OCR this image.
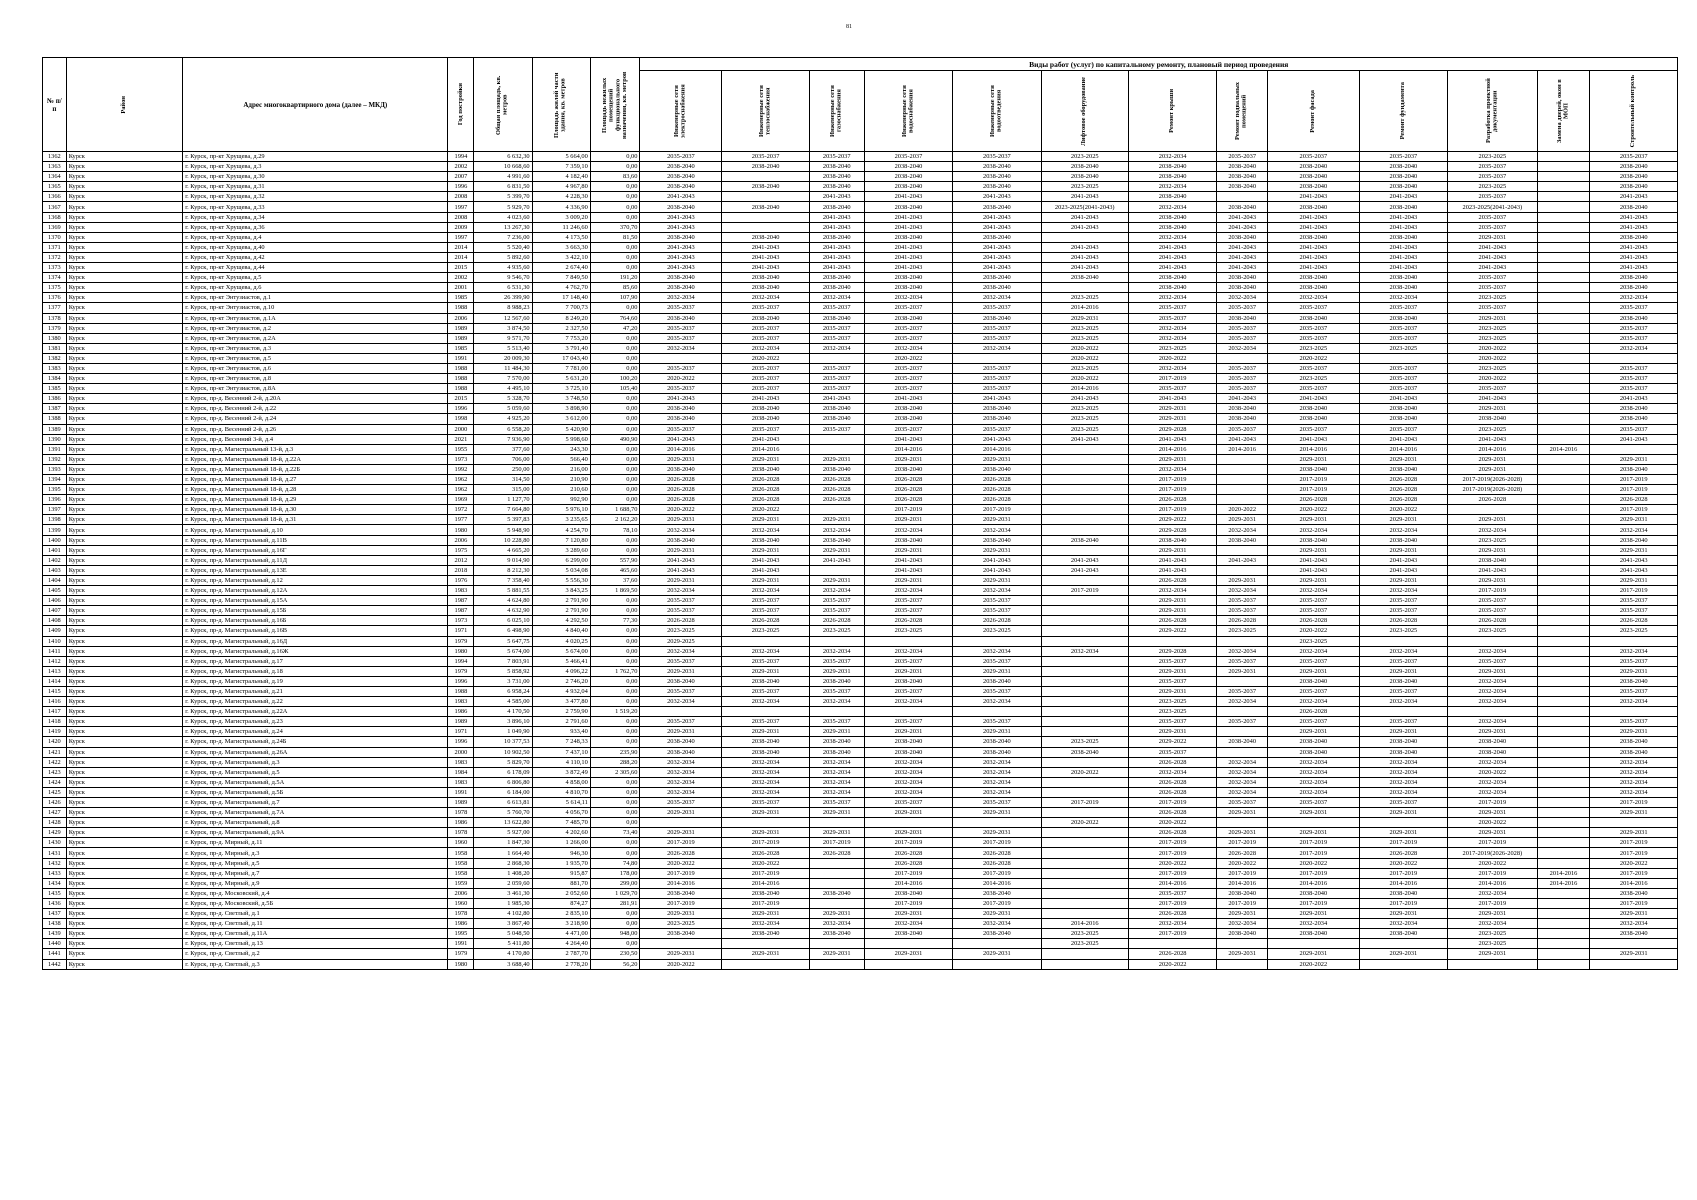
81
№ п/п	Район	Адрес многоквартирного дома (далее – МКД)	Год постройки	Общая площадь, кв. метров	Площадь жилой части здания, кв. метров	Площадь нежилых помещений функционального назначения, кв. метров	Виды работ (услуг) по капитальному ремонту, плановый период проведения												

							Инженерные сети электроснабжения	Инженерные сети теплоснабжения	Инженерные сети газоснабжения	Инженерные сети водоснабжения	Инженерные сети водоотведения	Лифтовое оборудование	Ремонт крыши	Ремонт подвальных помещений	Ремонт фасада	Ремонт фундамента	Разработка проектной документации	Замена дверей, окон в МОП	Строительный контроль

1362	Курск	г. Курск, пр-кт Хрущева, д.29	1994	6 632,30	5 664,00	0,00	2035-2037	2035-2037	2035-2037	2035-2037	2035-2037	2023-2025	2032-2034	2035-2037	2035-2037	2035-2037	2023-2025		2035-2037
1363	Курск	г. Курск, пр-кт Хрущева, д.3	2002	10 668,60	7 359,10	0,00	2038-2040	2038-2040	2038-2040	2038-2040	2038-2040	2038-2040	2038-2040	2038-2040	2038-2040	2038-2040	2035-2037		2038-2040
1364	Курск	г. Курск, пр-кт Хрущева, д.30	2007	4 991,60	4 182,40	83,60	2038-2040		2038-2040	2038-2040	2038-2040	2038-2040	2038-2040	2038-2040	2038-2040	2038-2040	2035-2037		2038-2040
1365	Курск	г. Курск, пр-кт Хрущева, д.31	1996	6 831,50	4 967,80	0,00	2038-2040	2038-2040	2038-2040	2038-2040	2038-2040	2023-2025	2032-2034	2038-2040	2038-2040	2038-2040	2023-2025		2038-2040
1366	Курск	г. Курск, пр-кт Хрущева, д.32	2008	5 399,70	4 228,30	0,00	2041-2043		2041-2043	2041-2043	2041-2043	2041-2043	2038-2040		2041-2043	2041-2043	2035-2037		2041-2043
1367	Курск	г. Курск, пр-кт Хрущева, д.33	1997	5 929,70	4 336,90	0,00	2038-2040	2038-2040	2038-2040	2038-2040	2038-2040	2023-2025(2041-2043)	2032-2034	2038-2040	2038-2040	2038-2040	2023-2025(2041-2043)		2038-2040
1368	Курск	г. Курск, пр-кт Хрущева, д.34	2008	4 023,60	3 009,20	0,00	2041-2043		2041-2043	2041-2043	2041-2043	2041-2043	2038-2040	2041-2043	2041-2043	2041-2043	2035-2037		2041-2043
1369	Курск	г. Курск, пр-кт Хрущева, д.36	2009	13 267,30	11 246,60	370,70	2041-2043		2041-2043	2041-2043	2041-2043	2041-2043	2038-2040	2041-2043	2041-2043	2041-2043	2035-2037		2041-2043
1370	Курск	г. Курск, пр-кт Хрущева, д.4	1997	7 236,00	4 173,50	81,50	2038-2040	2038-2040	2038-2040	2038-2040	2038-2040		2032-2034	2038-2040	2038-2040	2038-2040	2029-2031		2038-2040
1371	Курск	г. Курск, пр-кт Хрущева, д.40	2014	5 520,40	3 663,30	0,00	2041-2043	2041-2043	2041-2043	2041-2043	2041-2043	2041-2043	2041-2043	2041-2043	2041-2043	2041-2043	2041-2043		2041-2043
1372	Курск	г. Курск, пр-кт Хрущева, д.42	2014	5 892,60	3 422,10	0,00	2041-2043	2041-2043	2041-2043	2041-2043	2041-2043	2041-2043	2041-2043	2041-2043	2041-2043	2041-2043	2041-2043		2041-2043
1373	Курск	г. Курск, пр-кт Хрущева, д.44	2015	4 935,60	2 674,40	0,00	2041-2043	2041-2043	2041-2043	2041-2043	2041-2043	2041-2043	2041-2043	2041-2043	2041-2043	2041-2043	2041-2043		2041-2043
1374	Курск	г. Курск, пр-кт Хрущева, д.5	2002	9 546,70	7 849,50	191,20	2038-2040	2038-2040	2038-2040	2038-2040	2038-2040	2038-2040	2038-2040	2038-2040	2038-2040	2038-2040	2035-2037		2038-2040
1375	Курск	г. Курск, пр-кт Хрущева, д.6	2001	6 531,30	4 762,70	85,60	2038-2040	2038-2040	2038-2040	2038-2040	2038-2040		2038-2040	2038-2040	2038-2040	2038-2040	2035-2037		2038-2040
1376	Курск	г. Курск, пр-кт Энтузиастов, д.1	1985	26 399,90	17 148,40	107,90	2032-2034	2032-2034	2032-2034	2032-2034	2032-2034	2023-2025	2032-2034	2032-2034	2032-2034	2032-2034	2023-2025		2032-2034
1377	Курск	г. Курск, пр-кт Энтузиастов, д.10	1988	8 988,23	7 700,73	0,00	2035-2037	2035-2037	2035-2037	2035-2037	2035-2037	2014-2016	2035-2037	2035-2037	2035-2037	2035-2037	2035-2037		2035-2037
1378	Курск	г. Курск, пр-кт Энтузиастов, д.1А	2006	12 567,60	8 249,20	764,60	2038-2040	2038-2040	2038-2040	2038-2040	2038-2040	2029-2031	2035-2037	2038-2040	2038-2040	2038-2040	2029-2031		2038-2040
1379	Курск	г. Курск, пр-кт Энтузиастов, д.2	1989	3 874,50	2 327,50	47,20	2035-2037	2035-2037	2035-2037	2035-2037	2035-2037	2023-2025	2032-2034	2035-2037	2035-2037	2035-2037	2023-2025		2035-2037
1380	Курск	г. Курск, пр-кт Энтузиастов, д.2А	1989	9 571,70	7 753,20	0,00	2035-2037	2035-2037	2035-2037	2035-2037	2035-2037	2023-2025	2032-2034	2035-2037	2035-2037	2035-2037	2023-2025		2035-2037
1381	Курск	г. Курск, пр-кт Энтузиастов, д.3	1985	5 513,40	3 791,40	0,00	2032-2034	2032-2034	2032-2034	2032-2034	2032-2034	2020-2022	2023-2025	2032-2034	2023-2025	2023-2025	2020-2022		2032-2034
1382	Курск	г. Курск, пр-кт Энтузиастов, д.5	1991	20 009,30	17 043,40	0,00		2020-2022		2020-2022		2020-2022	2020-2022		2020-2022		2020-2022		
1383	Курск	г. Курск, пр-кт Энтузиастов, д.6	1988	11 484,30	7 781,00	0,00	2035-2037	2035-2037	2035-2037	2035-2037	2035-2037	2023-2025	2032-2034	2035-2037	2035-2037	2035-2037	2023-2025		2035-2037
1384	Курск	г. Курск, пр-кт Энтузиастов, д.8	1988	7 570,00	5 631,20	100,20	2020-2022	2035-2037	2035-2037	2035-2037	2035-2037	2020-2022	2017-2019	2035-2037	2023-2025	2035-2037	2020-2022		2035-2037
1385	Курск	г. Курск, пр-кт Энтузиастов, д.8А	1988	4 495,10	3 725,10	105,40	2035-2037	2035-2037	2035-2037	2035-2037	2035-2037	2014-2016	2035-2037	2035-2037	2035-2037	2035-2037	2035-2037		2035-2037
1386	Курск	г. Курск, пр-д. Весенний 2-й, д.20А	2015	5 328,70	3 748,50	0,00	2041-2043	2041-2043	2041-2043	2041-2043	2041-2043	2041-2043	2041-2043	2041-2043	2041-2043	2041-2043	2041-2043		2041-2043
1387	Курск	г. Курск, пр-д. Весенний 2-й, д.22	1996	5 059,60	3 898,90	0,00	2038-2040	2038-2040	2038-2040	2038-2040	2038-2040	2023-2025	2029-2031	2038-2040	2038-2040	2038-2040	2029-2031		2038-2040
1388	Курск	г. Курск, пр-д. Весенний 2-й, д.24	1998	4 925,20	3 612,00	0,00	2038-2040	2038-2040	2038-2040	2038-2040	2038-2040	2023-2025	2029-2031	2038-2040	2038-2040	2038-2040	2038-2040		2038-2040
1389	Курск	г. Курск, пр-д. Весенний 2-й, д.26	2000	6 558,20	5 420,90	0,00	2035-2037	2035-2037	2035-2037	2035-2037	2035-2037	2023-2025	2029-2028	2035-2037	2035-2037	2035-2037	2023-2025		2035-2037
1390	Курск	г. Курск, пр-д. Весенний 3-й, д.4	2021	7 936,90	5 998,60	490,90	2041-2043	2041-2043		2041-2043	2041-2043	2041-2043	2041-2043	2041-2043	2041-2043	2041-2043	2041-2043		2041-2043
1391	Курск	г. Курск, пр-д. Магистральный 13-й, д.3	1955	377,60	243,30	0,00	2014-2016	2014-2016		2014-2016	2014-2016		2014-2016	2014-2016	2014-2016	2014-2016	2014-2016	2014-2016	
1392	Курск	г. Курск, пр-д. Магистральный 18-й, д.22А	1973	706,00	566,40	0,00	2029-2031	2029-2031	2029-2031	2029-2031	2029-2031		2029-2031		2029-2031	2029-2031	2029-2031		2029-2031
1393	Курск	г. Курск, пр-д. Магистральный 18-й, д.22Б	1992	250,00	216,00	0,00	2038-2040	2038-2040	2038-2040	2038-2040	2038-2040		2032-2034		2038-2040	2038-2040	2029-2031		2038-2040
1394	Курск	г. Курск, пр-д. Магистральный 18-й, д.27	1962	314,50	210,90	0,00	2026-2028	2026-2028	2026-2028	2026-2028	2026-2028		2017-2019		2017-2019	2026-2028	2017-2019(2026-2028)		2017-2019
1395	Курск	г. Курск, пр-д. Магистральный 18-й, д.28	1962	315,00	210,60	0,00	2026-2028	2026-2028	2026-2028	2026-2028	2026-2028		2017-2019		2017-2019	2026-2028	2017-2019(2026-2028)		2017-2019
1396	Курск	г. Курск, пр-д. Магистральный 18-й, д.29	1969	1 127,70	992,90	0,00	2026-2028	2026-2028	2026-2028	2026-2028	2026-2028		2026-2028		2026-2028	2026-2028	2026-2028		2026-2028
1397	Курск	г. Курск, пр-д. Магистральный 18-й, д.30	1972	7 664,80	5 976,10	1 688,70	2020-2022	2020-2022		2017-2019	2017-2019		2017-2019	2020-2022	2020-2022	2020-2022			2017-2019
1398	Курск	г. Курск, пр-д. Магистральный 18-й, д.31	1977	5 397,83	3 235,65	2 162,20	2029-2031	2029-2031	2029-2031	2029-2031	2029-2031		2029-2022	2029-2031	2029-2031	2029-2031	2029-2031		2029-2031
1399	Курск	г. Курск, пр-д. Магистральный, д.10	1980	5 948,90	4 254,70	78,10	2032-2034	2032-2034	2032-2034	2032-2034	2032-2034		2029-2028	2032-2034	2032-2034	2032-2034	2032-2034		2032-2034
1400	Курск	г. Курск, пр-д. Магистральный, д.11В	2006	10 228,80	7 120,80	0,00	2038-2040	2038-2040	2038-2040	2038-2040	2038-2040	2038-2040	2038-2040	2038-2040	2038-2040	2038-2040	2023-2025		2038-2040
1401	Курск	г. Курск, пр-д. Магистральный, д.16Г	1975	4 665,20	3 289,60	0,00	2029-2031	2029-2031	2029-2031	2029-2031	2029-2031		2029-2031		2029-2031	2029-2031	2029-2031		2029-2031
1402	Курск	г. Курск, пр-д. Магистральный, д.11Д	2012	9 014,90	6 299,00	557,90	2041-2043	2041-2043	2041-2043	2041-2043	2041-2043	2041-2043	2041-2043	2041-2043	2041-2043	2041-2043	2038-2040		2041-2043
1403	Курск	г. Курск, пр-д. Магистральный, д.13Е	2018	8 212,30	5 034,08	465,60	2041-2043	2041-2043		2041-2043	2041-2043	2041-2043	2041-2043		2041-2043	2041-2043	2041-2043		2041-2043
1404	Курск	г. Курск, пр-д. Магистральный, д.12	1976	7 358,40	5 556,30	37,60	2029-2031	2029-2031	2029-2031	2029-2031	2029-2031		2026-2028	2029-2031	2029-2031	2029-2031	2029-2031		2029-2031
1405	Курск	г. Курск, пр-д. Магистральный, д.12А	1983	5 881,55	3 843,25	1 869,50	2032-2034	2032-2034	2032-2034	2032-2034	2032-2034	2017-2019	2032-2034	2032-2034	2032-2034	2032-2034	2017-2019		2017-2019
1406	Курск	г. Курск, пр-д. Магистральный, д.15А	1987	4 624,80	2 791,90	0,00	2035-2037	2035-2037	2035-2037	2035-2037	2035-2037		2029-2031	2035-2037	2035-2037	2035-2037	2035-2037		2035-2037
1407	Курск	г. Курск, пр-д. Магистральный, д.15Б	1987	4 632,90	2 791,90	0,00	2035-2037	2035-2037	2035-2037	2035-2037	2035-2037		2029-2031	2035-2037	2035-2037	2035-2037	2035-2037		2035-2037
1408	Курск	г. Курск, пр-д. Магистральный, д.16Б	1973	6 025,10	4 292,50	77,30	2026-2028	2026-2028	2026-2028	2026-2028	2026-2028		2026-2028	2026-2028	2026-2028	2026-2028	2026-2028		2026-2028
1409	Курск	г. Курск, пр-д. Магистральный, д.16В	1971	6 498,90	4 840,40	0,00	2023-2025	2023-2025	2023-2025	2023-2025	2023-2025		2029-2022	2023-2025	2020-2022	2023-2025	2023-2025		2023-2025
1410	Курск	г. Курск, пр-д. Магистральный, д.16Д	1979	5 647,75	4 020,25	0,00	2029-2025								2023-2025				
1411	Курск	г. Курск, пр-д. Магистральный, д.16Ж	1980	5 674,00	5 674,00	0,00	2032-2034	2032-2034	2032-2034	2032-2034	2032-2034	2032-2034	2029-2028	2032-2034	2032-2034	2032-2034	2032-2034		2032-2034
1412	Курск	г. Курск, пр-д. Магистральный, д.17	1994	7 803,91	5 466,41	0,00	2035-2037	2035-2037	2035-2037	2035-2037	2035-2037		2035-2037	2035-2037	2035-2037	2035-2037	2035-2037		2035-2037
1413	Курск	г. Курск, пр-д. Магистральный, д.18	1979	5 858,92	4 096,22	1 762,70	2029-2031	2029-2031	2029-2031	2029-2031	2029-2031		2029-2031	2029-2031	2029-2031	2029-2031	2029-2031		2029-2031
1414	Курск	г. Курск, пр-д. Магистральный, д.19	1996	3 731,00	2 746,20	0,00	2038-2040	2038-2040	2038-2040	2038-2040	2038-2040		2035-2037		2038-2040	2038-2040	2032-2034		2038-2040
1415	Курск	г. Курск, пр-д. Магистральный, д.21	1988	6 958,24	4 932,04	0,00	2035-2037	2035-2037	2035-2037	2035-2037	2035-2037		2029-2031	2035-2037	2035-2037	2035-2037	2032-2034		2035-2037
1416	Курск	г. Курск, пр-д. Магистральный, д.22	1983	4 585,00	3 477,80	0,00	2032-2034	2032-2034	2032-2034	2032-2034	2032-2034		2023-2025	2032-2034	2032-2034	2032-2034	2032-2034		2032-2034
1417	Курск	г. Курск, пр-д. Магистральный, д.22А	1986	4 170,50	2 759,90	1 519,20							2023-2025		2026-2028				
1418	Курск	г. Курск, пр-д. Магистральный, д.23	1989	3 896,10	2 791,60	0,00	2035-2037	2035-2037	2035-2037	2035-2037	2035-2037		2035-2037	2035-2037	2035-2037	2035-2037	2032-2034		2035-2037
1419	Курск	г. Курск, пр-д. Магистральный, д.24	1971	1 049,90	933,40	0,00	2029-2031	2029-2031	2029-2031	2029-2031	2029-2031		2029-2031		2029-2031	2029-2031	2029-2031		2029-2031
1420	Курск	г. Курск, пр-д. Магистральный, д.24Б	1996	10 377,53	7 248,33	0,00	2038-2040	2038-2040	2038-2040	2038-2040	2038-2040	2023-2025	2029-2022	2038-2040	2038-2040	2038-2040	2038-2040		2038-2040
1421	Курск	г. Курск, пр-д. Магистральный, д.26А	2000	10 902,50	7 437,10	235,90	2038-2040	2038-2040	2038-2040	2038-2040	2038-2040	2038-2040	2035-2037		2038-2040	2038-2040	2038-2040		2038-2040
1422	Курск	г. Курск, пр-д. Магистральный, д.3	1983	5 829,70	4 110,10	288,20	2032-2034	2032-2034	2032-2034	2032-2034	2032-2034		2026-2028	2032-2034	2032-2034	2032-2034	2032-2034		2032-2034
1423	Курск	г. Курск, пр-д. Магистральный, д.5	1984	6 178,09	3 872,49	2 305,60	2032-2034	2032-2034	2032-2034	2032-2034	2032-2034	2020-2022	2032-2034	2032-2034	2032-2034	2032-2034	2020-2022		2032-2034
1424	Курск	г. Курск, пр-д. Магистральный, д.5А	1983	6 806,80	4 858,00	0,00	2032-2034	2032-2034	2032-2034	2032-2034	2032-2034		2026-2028	2032-2034	2032-2034	2032-2034	2032-2034		2032-2034
1425	Курск	г. Курск, пр-д. Магистральный, д.5Б	1991	6 184,00	4 810,70	0,00	2032-2034	2032-2034	2032-2034	2032-2034	2032-2034		2026-2028	2032-2034	2032-2034	2032-2034	2032-2034		2032-2034
1426	Курск	г. Курск, пр-д. Магистральный, д.7	1989	6 613,81	5 614,11	0,00	2035-2037	2035-2037	2035-2037	2035-2037	2035-2037	2017-2019	2017-2019	2035-2037	2035-2037	2035-2037	2017-2019		2017-2019
1427	Курск	г. Курск, пр-д. Магистральный, д.7А	1978	5 760,70	4 056,70	0,00	2029-2031	2029-2031	2029-2031	2029-2031	2029-2031		2026-2028	2029-2031	2029-2031	2029-2031	2029-2031		2029-2031
1428	Курск	г. Курск, пр-д. Магистральный, д.8	1986	13 622,80	7 485,70	0,00						2020-2022	2020-2022				2020-2022		
1429	Курск	г. Курск, пр-д. Магистральный, д.9А	1978	5 927,00	4 202,60	73,40	2029-2031	2029-2031	2029-2031	2029-2031	2029-2031		2026-2028	2029-2031	2029-2031	2029-2031	2029-2031		2029-2031
1430	Курск	г. Курск, пр-д. Мирный, д.11	1960	1 847,30	1 266,00	0,00	2017-2019	2017-2019	2017-2019	2017-2019	2017-2019		2017-2019	2017-2019	2017-2019	2017-2019	2017-2019		2017-2019
1431	Курск	г. Курск, пр-д. Мирный, д.3	1958	1 664,40	946,30	0,00	2026-2028	2026-2028	2026-2028	2026-2028	2026-2028		2017-2019	2026-2028	2017-2019	2026-2028	2017-2019(2026-2028)		2017-2019
1432	Курск	г. Курск, пр-д. Мирный, д.5	1958	2 868,30	1 935,70	74,80	2020-2022	2020-2022		2026-2028	2026-2028		2020-2022	2020-2022	2020-2022	2020-2022	2020-2022		2020-2022
1433	Курск	г. Курск, пр-д. Мирный, д.7	1958	1 408,20	915,87	178,00	2017-2019	2017-2019		2017-2019	2017-2019		2017-2019	2017-2019	2017-2019	2017-2019	2017-2019	2014-2016	2017-2019
1434	Курск	г. Курск, пр-д. Мирный, д.9	1959	2 059,60	881,70	299,00	2014-2016	2014-2016		2014-2016	2014-2016		2014-2016	2014-2016	2014-2016	2014-2016	2014-2016	2014-2016	2014-2016
1435	Курск	г. Курск, пр-д. Московский, д.4	2006	3 461,30	2 052,60	1 029,70	2038-2040	2038-2040	2038-2040	2038-2040	2038-2040		2035-2037	2038-2040	2038-2040	2038-2040	2032-2034		2038-2040
1436	Курск	г. Курск, пр-д. Московский, д.5Б	1960	1 985,30	874,27	281,91	2017-2019	2017-2019		2017-2019	2017-2019		2017-2019	2017-2019	2017-2019	2017-2019	2017-2019		2017-2019
1437	Курск	г. Курск, пр-д. Светлый, д.1	1978	4 102,80	2 835,10	0,00	2029-2031	2029-2031	2029-2031	2029-2031	2029-2031		2026-2028	2029-2031	2029-2031	2029-2031	2029-2031		2029-2031
1438	Курск	г. Курск, пр-д. Светлый, д.11	1986	3 867,40	3 218,90	0,00	2023-2025	2032-2034	2032-2034	2032-2034	2032-2034	2014-2016	2032-2034	2032-2034	2032-2034	2032-2034	2032-2034		2032-2034
1439	Курск	г. Курск, пр-д. Светлый, д.11А	1995	5 048,50	4 471,00	948,00	2038-2040	2038-2040	2038-2040	2038-2040	2038-2040	2023-2025	2017-2019	2038-2040	2038-2040	2038-2040	2023-2025		2038-2040
1440	Курск	г. Курск, пр-д. Светлый, д.13	1991	5 411,80	4 264,40	0,00						2023-2025					2023-2025		
1441	Курск	г. Курск, пр-д. Светлый, д.2	1979	4 170,80	2 787,70	230,50	2029-2031	2029-2031	2029-2031	2029-2031	2029-2031		2026-2028	2029-2031	2029-2031	2029-2031	2029-2031		2029-2031
1442	Курск	г. Курск, пр-д. Светлый, д.3	1980	3 688,40	2 778,20	56,20	2020-2022						2020-2022		2020-2022				
